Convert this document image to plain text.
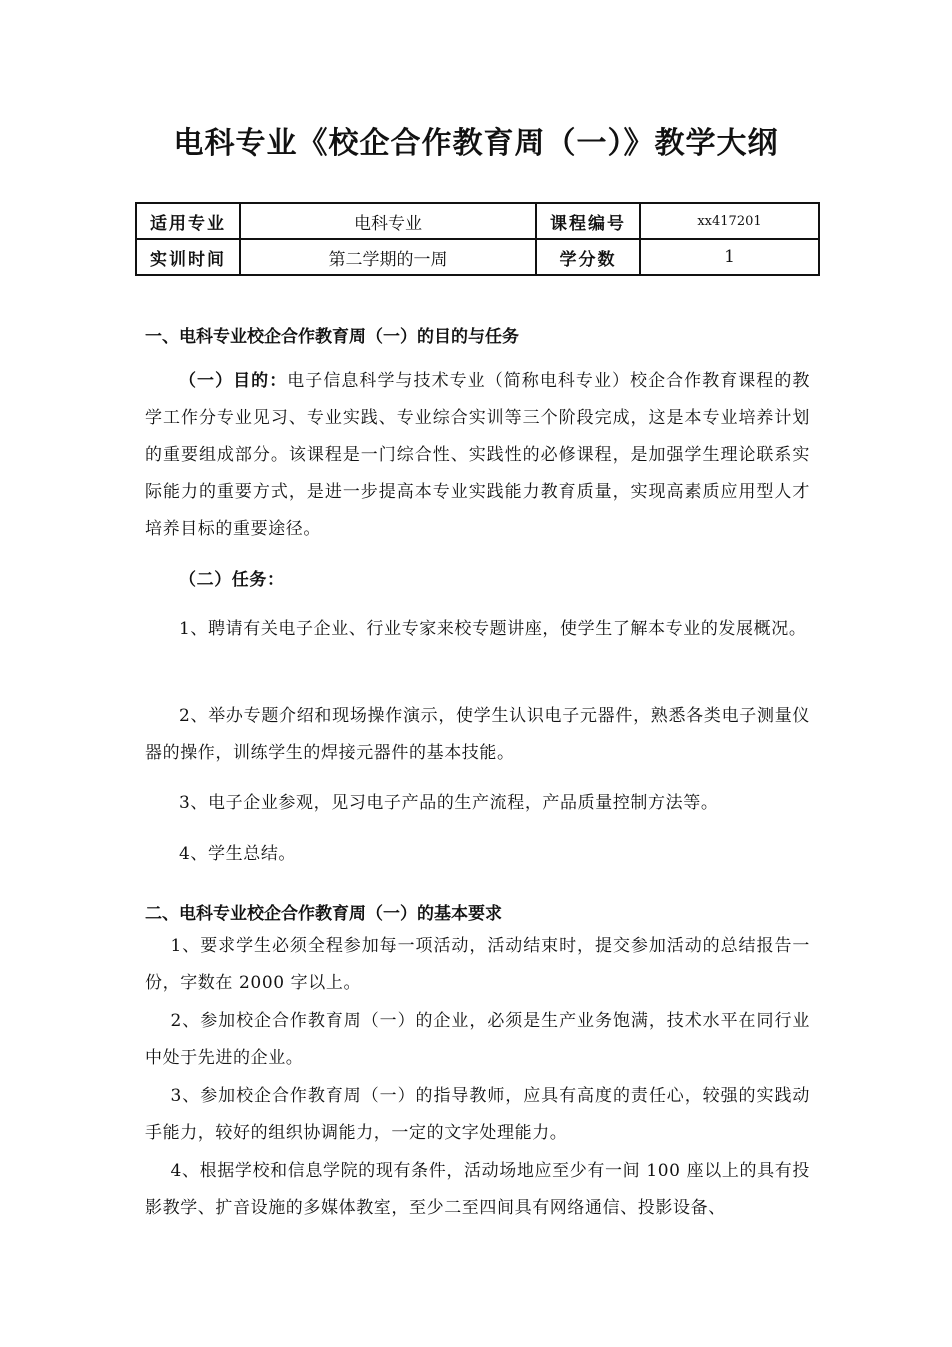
电科专业《校企合作教育周（一）》教学大纲
适用专业	电科专业	课程编号	xx417201
实训时间	第二学期的一周	学分数	1
一、电科专业校企合作教育周（一）的目的与任务
（一）目的：电子信息科学与技术专业（简称电科专业）校企合作教育课程的教学工作分专业见习、专业实践、专业综合实训等三个阶段完成，这是本专业培养计划的重要组成部分。该课程是一门综合性、实践性的必修课程，是加强学生理论联系实际能力的重要方式，是进一步提高本专业实践能力教育质量，实现高素质应用型人才培养目标的重要途径。
（二）任务：
1、聘请有关电子企业、行业专家来校专题讲座，使学生了解本专业的发展概况。
2、举办专题介绍和现场操作演示，使学生认识电子元器件，熟悉各类电子测量仪器的操作，训练学生的焊接元器件的基本技能。
3、电子企业参观，见习电子产品的生产流程，产品质量控制方法等。
4、学生总结。
二、电科专业校企合作教育周（一）的基本要求
1、要求学生必须全程参加每一项活动，活动结束时，提交参加活动的总结报告一份，字数在 2000 字以上。
2、参加校企合作教育周（一）的企业，必须是生产业务饱满，技术水平在同行业中处于先进的企业。
3、参加校企合作教育周（一）的指导教师，应具有高度的责任心，较强的实践动手能力，较好的组织协调能力，一定的文字处理能力。
4、根据学校和信息学院的现有条件，活动场地应至少有一间 100 座以上的具有投影教学、扩音设施的多媒体教室，至少二至四间具有网络通信、投影设备、
